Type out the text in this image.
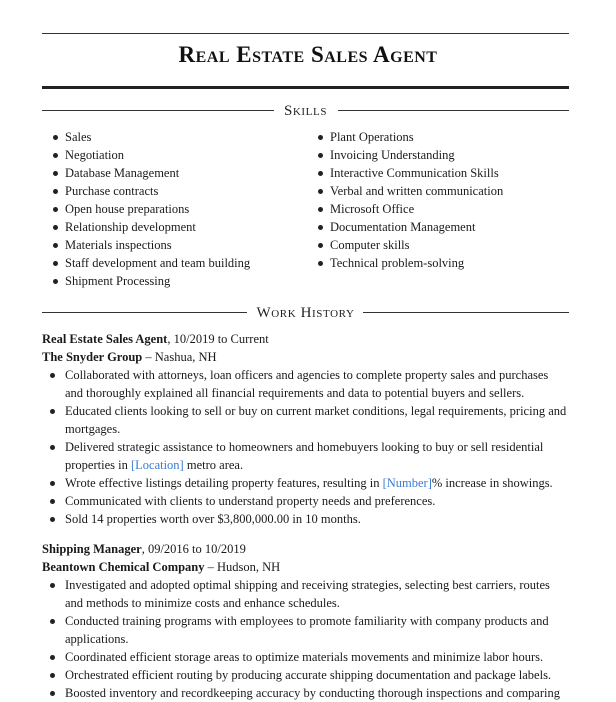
Real Estate Sales Agent
Skills
Sales
Negotiation
Database Management
Purchase contracts
Open house preparations
Relationship development
Materials inspections
Staff development and team building
Shipment Processing
Plant Operations
Invoicing Understanding
Interactive Communication Skills
Verbal and written communication
Microsoft Office
Documentation Management
Computer skills
Technical problem-solving
Work History
Real Estate Sales Agent, 10/2019 to Current
The Snyder Group – Nashua, NH
Collaborated with attorneys, loan officers and agencies to complete property sales and purchases and thoroughly explained all financial requirements and data to potential buyers and sellers.
Educated clients looking to sell or buy on current market conditions, legal requirements, pricing and mortgages.
Delivered strategic assistance to homeowners and homebuyers looking to buy or sell residential properties in [Location] metro area.
Wrote effective listings detailing property features, resulting in [Number]% increase in showings.
Communicated with clients to understand property needs and preferences.
Sold 14 properties worth over $3,800,000.00 in 10 months.
Shipping Manager, 09/2016 to 10/2019
Beantown Chemical Company – Hudson, NH
Investigated and adopted optimal shipping and receiving strategies, selecting best carriers, routes and methods to minimize costs and enhance schedules.
Conducted training programs with employees to promote familiarity with company products and applications.
Coordinated efficient storage areas to optimize materials movements and minimize labor hours.
Orchestrated efficient routing by producing accurate shipping documentation and package labels.
Boosted inventory and recordkeeping accuracy by conducting thorough inspections and comparing
